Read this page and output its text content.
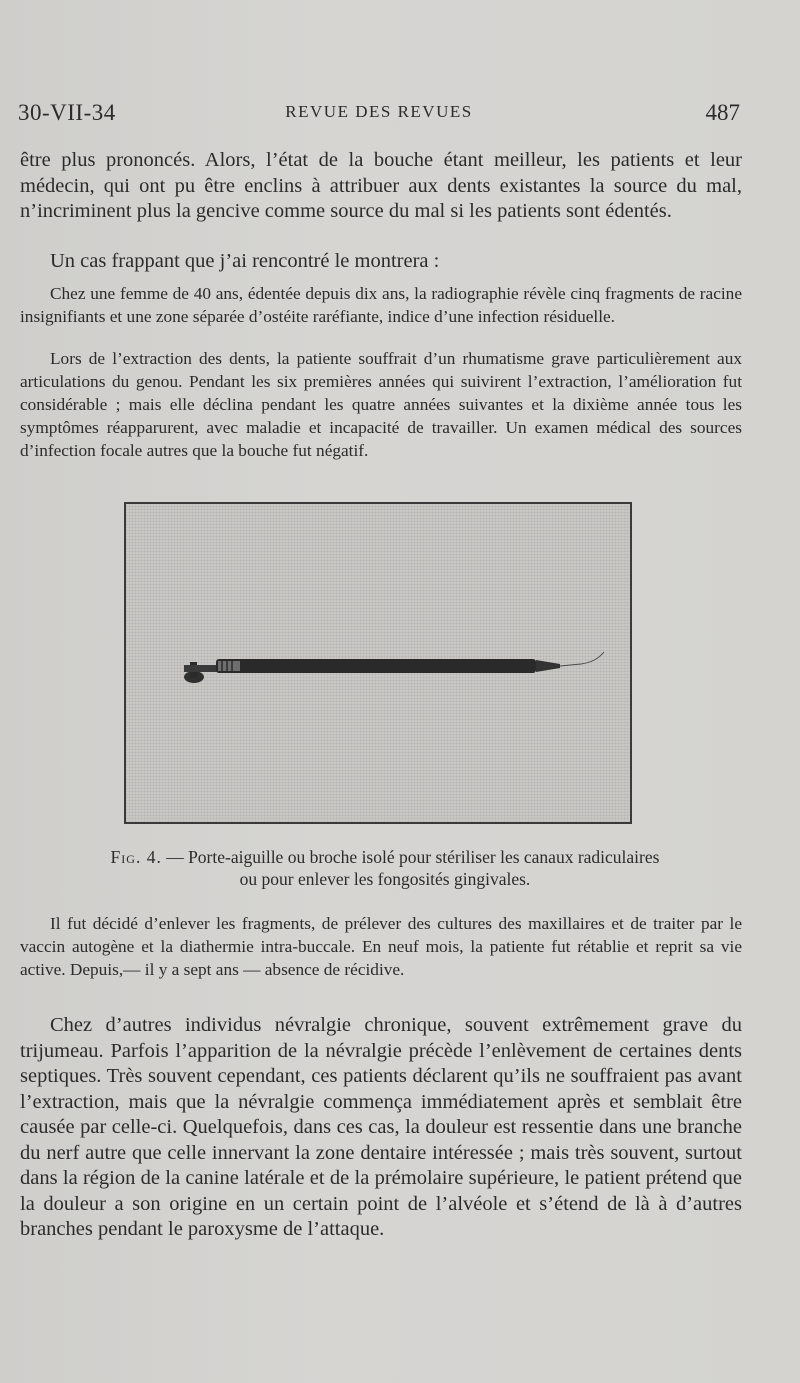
30-VII-34	REVUE DES REVUES	487
être plus prononcés. Alors, l’état de la bouche étant meilleur, les patients et leur médecin, qui ont pu être enclins à attribuer aux dents existantes la source du mal, n’incriminent plus la gencive comme source du mal si les patients sont édentés.
Un cas frappant que j’ai rencontré le montrera :
Chez une femme de 40 ans, édentée depuis dix ans, la radiographie révèle cinq fragments de racine insignifiants et une zone séparée d’ostéite raréfiante, indice d’une infection résiduelle.
Lors de l’extraction des dents, la patiente souffrait d’un rhumatisme grave particulièrement aux articulations du genou. Pendant les six premières années qui suivirent l’extraction, l’amélioration fut considérable ; mais elle déclina pendant les quatre années suivantes et la dixième année tous les symptômes réapparurent, avec maladie et incapacité de travailler. Un examen médical des sources d’infection focale autres que la bouche fut négatif.
Fig. 4. — Porte-aiguille ou broche isolé pour stériliser les canaux radiculaires
ou pour enlever les fongosités gingivales.
Il fut décidé d’enlever les fragments, de prélever des cultures des maxillaires et de traiter par le vaccin autogène et la diathermie intra-buccale. En neuf mois, la patiente fut rétablie et reprit sa vie active. Depuis,— il y a sept ans — absence de récidive.
Chez d’autres individus névralgie chronique, souvent extrêmement grave du trijumeau. Parfois l’apparition de la névralgie précède l’enlèvement de certaines dents septiques. Très souvent cependant, ces patients déclarent qu’ils ne souffraient pas avant l’extraction, mais que la névralgie commença immédiatement après et semblait être causée par celle-ci. Quelquefois, dans ces cas, la douleur est ressentie dans une branche du nerf autre que celle innervant la zone dentaire intéressée ; mais très souvent, surtout dans la région de la canine latérale et de la prémolaire supérieure, le patient prétend que la douleur a son origine en un certain point de l’alvéole et s’étend de là à d’autres branches pendant le paroxysme de l’attaque.
